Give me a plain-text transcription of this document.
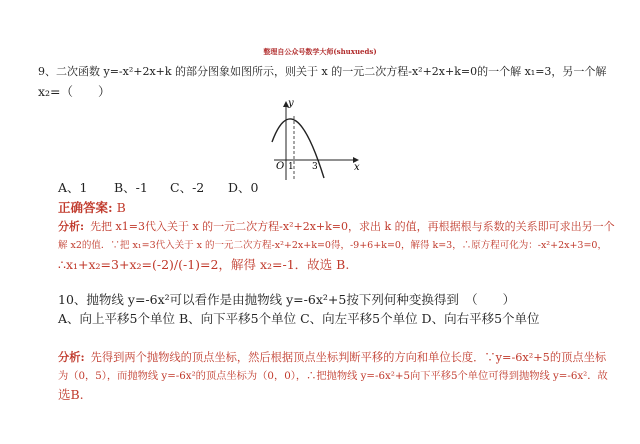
整理自公众号数学大师(shuxueds)
9、二次函数 y=-x²+2x+k 的部分图象如图所示，则关于 x 的一元二次方程-x²+2x+k=0的一个解 x₁=3，另一个解
x₂=（　　）
y
x
O 1 3
A、1 B、-1 C、-2 D、0
正确答案: B
分析: 先把 x1=3代入关于 x 的一元二次方程-x²+2x+k=0，求出 k 的值，再根据根与系数的关系即可求出另一个
解 x2的值．∵把 x₁=3代入关于 x 的一元二次方程-x²+2x+k=0得，-9+6+k=0，解得 k=3，∴原方程可化为：-x²+2x+3=0，
∴x₁+x₂=3+x₂=(-2)/(-1)=2，解得 x₂=-1．故选 B.
10、抛物线 y=-6x²可以看作是由抛物线 y=-6x²+5按下列何种变换得到　（　　）
A、向上平移5个单位 B、向下平移5个单位 C、向左平移5个单位 D、向右平移5个单位
分析: 先得到两个抛物线的顶点坐标，然后根据顶点坐标判断平移的方向和单位长度．∵y=-6x²+5的顶点坐标
为（0，5），而抛物线 y=-6x²的顶点坐标为（0，0），∴把抛物线 y=-6x²+5向下平移5个单位可得到抛物线 y=-6x²．故
选B.
